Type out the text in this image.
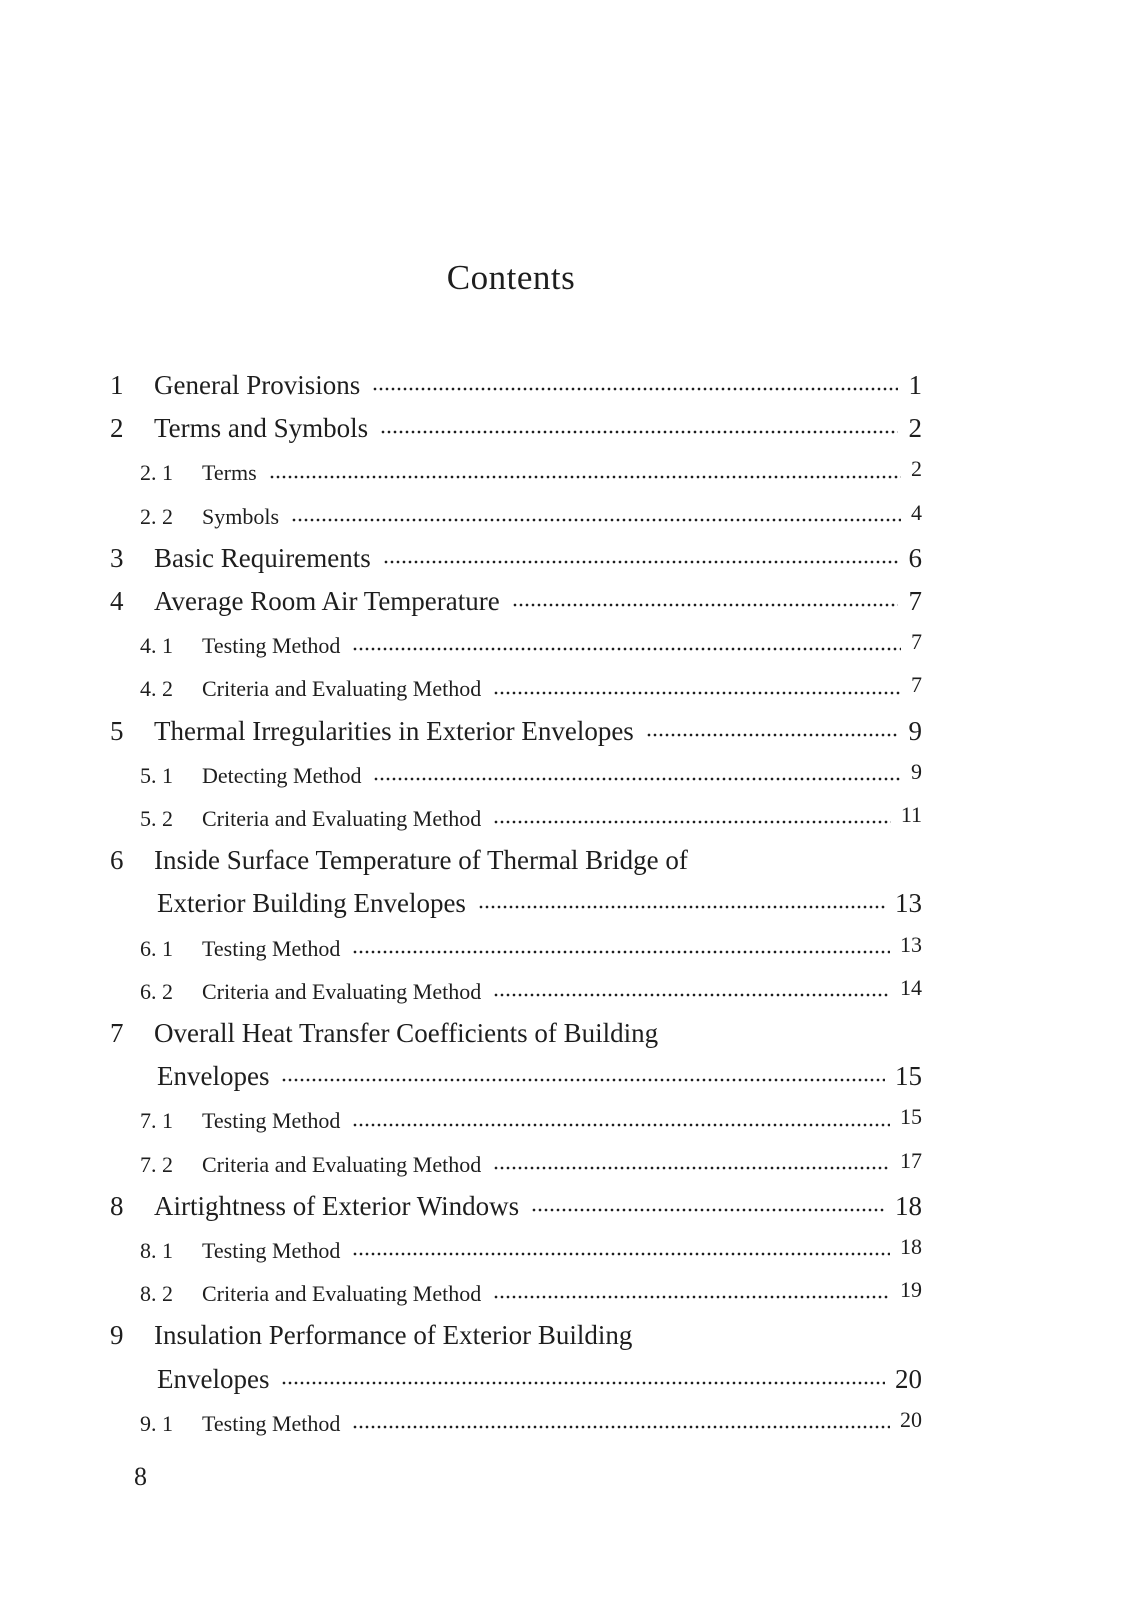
Contents
1 General Provisions	1
2 Terms and Symbols	2
2. 1 Terms	2
2. 2 Symbols	4
3 Basic Requirements	6
4 Average Room Air Temperature	7
4. 1 Testing Method	7
4. 2 Criteria and Evaluating Method	7
5 Thermal Irregularities in Exterior Envelopes	9
5. 1 Detecting Method	9
5. 2 Criteria and Evaluating Method	11
6 Inside Surface Temperature of Thermal Bridge of
Exterior Building Envelopes	13
6. 1 Testing Method	13
6. 2 Criteria and Evaluating Method	14
7 Overall Heat Transfer Coefficients of Building
Envelopes	15
7. 1 Testing Method	15
7. 2 Criteria and Evaluating Method	17
8 Airtightness of Exterior Windows	18
8. 1 Testing Method	18
8. 2 Criteria and Evaluating Method	19
9 Insulation Performance of Exterior Building
Envelopes	20
9. 1 Testing Method	20
8
